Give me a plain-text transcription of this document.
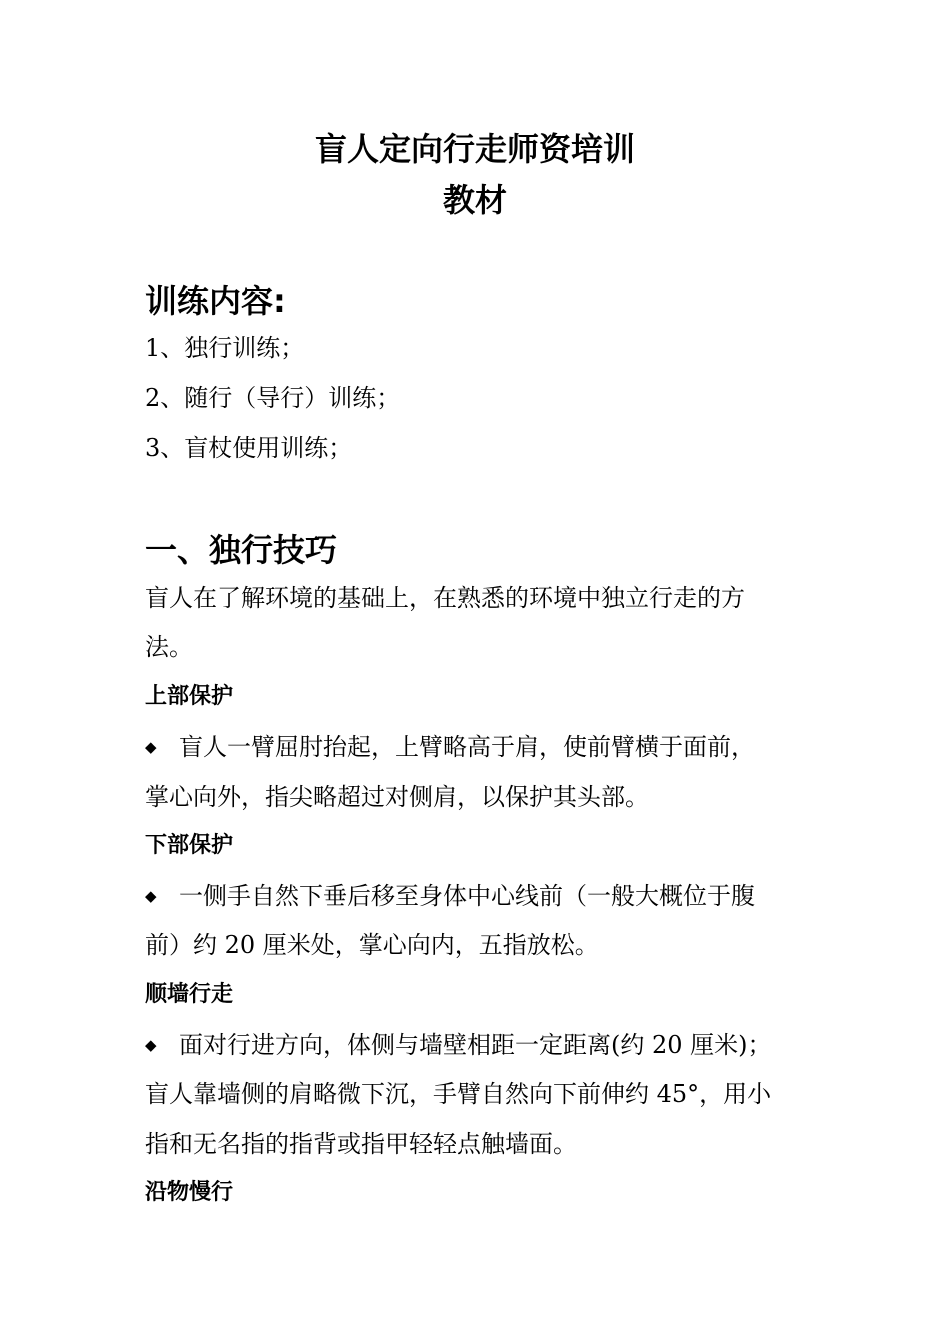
盲人定向行走师资培训
教材
训练内容:
1、独行训练；
2、随行（导行）训练；
3、盲杖使用训练；
一、独行技巧
盲人在了解环境的基础上，在熟悉的环境中独立行走的方
法。
上部保护
◆ 盲人一臂屈肘抬起，上臂略高于肩，使前臂横于面前，
掌心向外，指尖略超过对侧肩，以保护其头部。
下部保护
◆ 一侧手自然下垂后移至身体中心线前（一般大概位于腹
前）约 20 厘米处，掌心向内，五指放松。
顺墙行走
◆ 面对行进方向，体侧与墙壁相距一定距离(约 20 厘米)；
盲人靠墙侧的肩略微下沉，手臂自然向下前伸约 45°，用小
指和无名指的指背或指甲轻轻点触墙面。
沿物慢行
